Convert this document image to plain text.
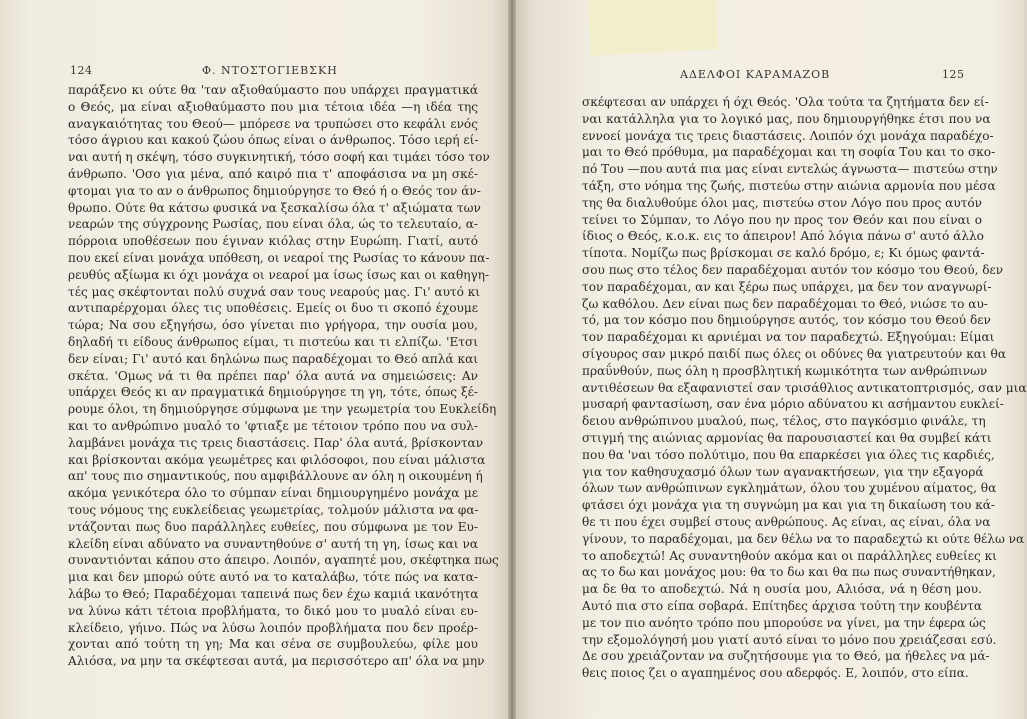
124	Φ. ΝΤΟΣΤΟΓΙΕΒΣΚΗ
παράξενο κι ούτε θα 'ταν αξιοθαύμαστο που υπάρχει πραγματικά
ο Θεός, μα είναι αξιοθαύμαστο που μια τέτοια ιδέα —η ιδέα της
αναγκαιότητας του Θεού— μπόρεσε να τρυπώσει στο κεφάλι ενός
τόσο άγριου και κακού ζώου όπως είναι ο άνθρωπος. Τόσο ιερή εί-
ναι αυτή η σκέψη, τόσο συγκινητική, τόσο σοφή και τιμάει τόσο τον
άνθρωπο. 'Οσο για μένα, από καιρό πια τ' αποφάσισα να μη σκέ-
φτομαι για το αν ο άνθρωπος δημιούργησε το Θεό ή ο Θεός τον άν-
θρωπο. Ούτε θα κάτσω φυσικά να ξεσκαλίσω όλα τ' αξιώματα των
νεαρών της σύγχρονης Ρωσίας, που είναι όλα, ώς το τελευταίο, α-
πόρροια υποθέσεων που έγιναν κιόλας στην Ευρώπη. Γιατί, αυτό
που εκεί είναι μονάχα υπόθεση, οι νεαροί της Ρωσίας το κάνουν πα-
ρευθύς αξίωμα κι όχι μονάχα οι νεαροί μα ίσως ίσως και οι καθηγη-
τές μας σκέφτονται πολύ συχνά σαν τους νεαρούς μας. Γι' αυτό κι
αντιπαρέρχομαι όλες τις υποθέσεις. Εμείς οι δυο τι σκοπό έχουμε
τώρα; Να σου εξηγήσω, όσο γίνεται πιο γρήγορα, την ουσία μου,
δηλαδή τι είδους άνθρωπος είμαι, τι πιστεύω και τι ελπίζω. 'Ετσι
δεν είναι; Γι' αυτό και δηλώνω πως παραδέχομαι το Θεό απλά και
σκέτα. 'Ομως νά τι θα πρέπει παρ' όλα αυτά να σημειώσεις: Αν
υπάρχει Θεός κι αν πραγματικά δημιούργησε τη γη, τότε, όπως ξέ-
ρουμε όλοι, τη δημιούργησε σύμφωνα με την γεωμετρία του Ευκλείδη
και το ανθρώπινο μυαλό το 'φτιαξε με τέτοιον τρόπο που να συλ-
λαμβάνει μονάχα τις τρεις διαστάσεις. Παρ' όλα αυτά, βρίσκονταν
και βρίσκονται ακόμα γεωμέτρες και φιλόσοφοι, που είναι μάλιστα
απ' τους πιο σημαντικούς, που αμφιβάλλουνε αν όλη η οικουμένη ή
ακόμα γενικότερα όλο το σύμπαν είναι δημιουργημένο μονάχα με
τους νόμους της ευκλείδειας γεωμετρίας, τολμούν μάλιστα να φα-
ντάζονται πως δυο παράλληλες ευθείες, που σύμφωνα με τον Ευ-
κλείδη είναι αδύνατο να συναντηθούνε σ' αυτή τη γη, ίσως και να
συναντιόνται κάπου στο άπειρο. Λοιπόν, αγαπητέ μου, σκέφτηκα πως
μια και δεν μπορώ ούτε αυτό να το καταλάβω, τότε πώς να κατα-
λάβω το Θεό; Παραδέχομαι ταπεινά πως δεν έχω καμιά ικανότητα
να λύνω κάτι τέτοια προβλήματα, το δικό μου το μυαλό είναι ευ-
κλείδειο, γήινο. Πώς να λύσω λοιπόν προβλήματα που δεν προέρ-
χονται από τούτη τη γη; Μα και σένα σε συμβουλεύω, φίλε μου
Αλιόσα, να μην τα σκέφτεσαι αυτά, μα περισσότερο απ' όλα να μην
ΑΔΕΛΦΟΙ ΚΑΡΑΜΑΖΟΒ	125
σκέφτεσαι αν υπάρχει ή όχι Θεός. 'Ολα τούτα τα ζητήματα δεν εί-
ναι κατάλληλα για το λογικό μας, που δημιουργήθηκε έτσι που να
εννοεί μονάχα τις τρεις διαστάσεις. Λοιπόν όχι μονάχα παραδέχο-
μαι το Θεό πρόθυμα, μα παραδέχομαι και τη σοφία Του και το σκο-
πό Του —που αυτά πια μας είναι εντελώς άγνωστα— πιστεύω στην
τάξη, στο νόημα της ζωής, πιστεύω στην αιώνια αρμονία που μέσα
της θα διαλυθούμε όλοι μας, πιστεύω στον Λόγο που προς αυτόν
τείνει το Σύμπαν, το Λόγο που ην προς τον Θεόν και που είναι ο
ίδιος ο Θεός, κ.ο.κ. εις το άπειρον! Από λόγια πάνω σ' αυτό άλλο
τίποτα. Νομίζω πως βρίσκομαι σε καλό δρόμο, ε; Κι όμως φαντά-
σου πως στο τέλος δεν παραδέχομαι αυτόν τον κόσμο του Θεού, δεν
τον παραδέχομαι, αν και ξέρω πως υπάρχει, μα δεν τον αναγνωρί-
ζω καθόλου. Δεν είναι πως δεν παραδέχομαι το Θεό, νιώσε το αυ-
τό, μα τον κόσμο που δημιούργησε αυτός, τον κόσμο του Θεού δεν
τον παραδέχομαι κι αρνιέμαι να τον παραδεχτώ. Εξηγούμαι: Είμαι
σίγουρος σαν μικρό παιδί πως όλες οι οδύνες θα γιατρευτούν και θα
πραΰνθούν, πως όλη η προσβλητική κωμικότητα των ανθρώπινων
αντιθέσεων θα εξαφανιστεί σαν τρισάθλιος αντικατοπτρισμός, σαν μια
μυσαρή φαντασίωση, σαν ένα μόριο αδύνατου κι ασήμαντου ευκλεί-
δειου ανθρώπινου μυαλού, πως, τέλος, στο παγκόσμιο φινάλε, τη
στιγμή της αιώνιας αρμονίας θα παρουσιαστεί και θα συμβεί κάτι
που θα 'ναι τόσο πολύτιμο, που θα επαρκέσει για όλες τις καρδιές,
για τον καθησυχασμό όλων των αγανακτήσεων, για την εξαγορά
όλων των ανθρώπινων εγκλημάτων, όλου του χυμένου αίματος, θα
φτάσει όχι μονάχα για τη συγνώμη μα και για τη δικαίωση του κά-
θε τι που έχει συμβεί στους ανθρώπους. Ας είναι, ας είναι, όλα να
γίνουν, το παραδέχομαι, μα δεν θέλω να το παραδεχτώ κι ούτε θέλω να
το αποδεχτώ! Ας συναντηθούν ακόμα και οι παράλληλες ευθείες κι
ας το δω και μονάχος μου: θα το δω και θα πω πως συναντήθηκαν,
μα δε θα το αποδεχτώ. Νά η ουσία μου, Αλιόσα, νά η θέση μου.
Αυτό πια στο είπα σοβαρά. Επίτηδες άρχισα τούτη την κουβέντα
με τον πιο ανόητο τρόπο που μπορούσε να γίνει, μα την έφερα ώς
την εξομολόγησή μου γιατί αυτό είναι το μόνο που χρειάζεσαι εσύ.
Δε σου χρειάζονταν να συζητήσουμε για το Θεό, μα ήθελες να μά-
θεις ποιος ζει ο αγαπημένος σου αδερφός. Ε, λοιπόν, στο είπα.
